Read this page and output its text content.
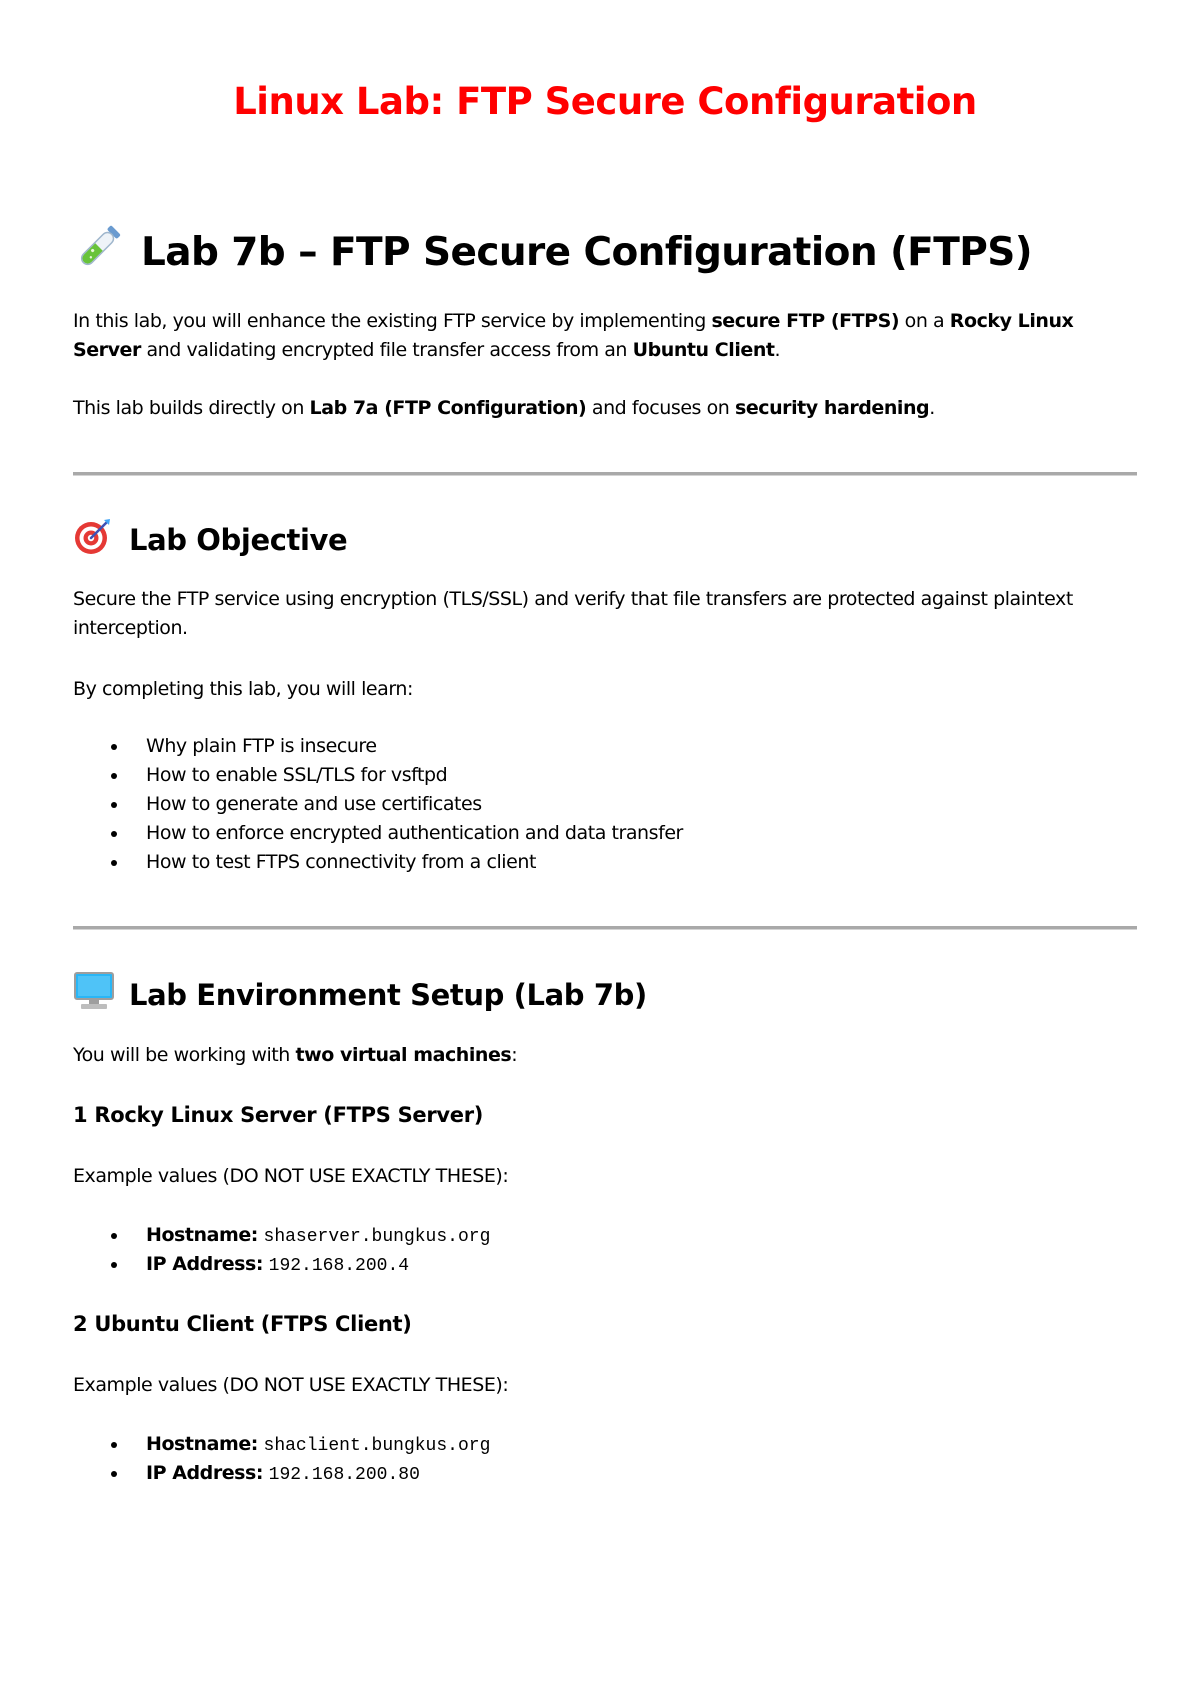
Linux Lab: FTP Secure Configuration
Lab 7b – FTP Secure Configuration (FTPS)

In this lab, you will enhance the existing FTP service by implementing secure FTP (FTPS) on a Rocky Linux Server and validating encrypted file transfer access from an Ubuntu Client.

This lab builds directly on Lab 7a (FTP Configuration) and focuses on security hardening.

Lab Objective

Secure the FTP service using encryption (TLS/SSL) and verify that file transfers are protected against plaintext interception.

By completing this lab, you will learn:

Why plain FTP is insecure
How to enable SSL/TLS for vsftpd
How to generate and use certificates
How to enforce encrypted authentication and data transfer
How to test FTPS connectivity from a client
Lab Environment Setup (Lab 7b)

You will be working with two virtual machines:

1 Rocky Linux Server (FTPS Server)

Example values (DO NOT USE EXACTLY THESE):

Hostname: shaserver.bungkus.org
IP Address: 192.168.200.4
2 Ubuntu Client (FTPS Client)

Example values (DO NOT USE EXACTLY THESE):

Hostname: shaclient.bungkus.org
IP Address: 192.168.200.80
